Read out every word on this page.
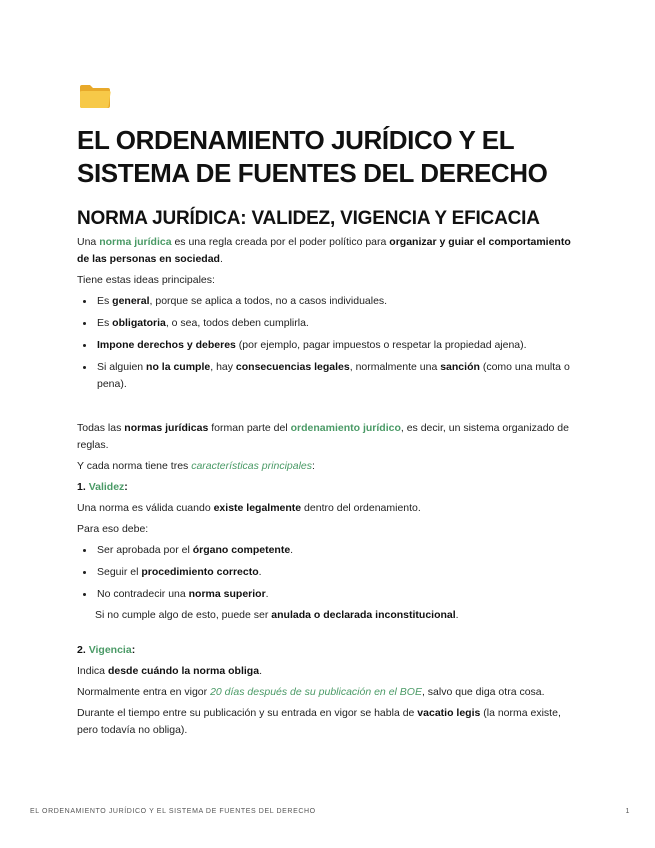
EL ORDENAMIENTO JURÍDICO Y EL SISTEMA DE FUENTES DEL DERECHO
NORMA JURÍDICA: VALIDEZ, VIGENCIA Y EFICACIA

Una norma jurídica es una regla creada por el poder político para organizar y guiar el comportamiento de las personas en sociedad.

Tiene estas ideas principales:

• Es general, porque se aplica a todos, no a casos individuales.
• Es obligatoria, o sea, todos deben cumplirla.
• Impone derechos y deberes (por ejemplo, pagar impuestos o respetar la propiedad ajena).
• Si alguien no la cumple, hay consecuencias legales, normalmente una sanción (como una multa o pena).

Todas las normas jurídicas forman parte del ordenamiento jurídico, es decir, un sistema organizado de reglas.

Y cada norma tiene tres características principales:

1. Validez:

Una norma es válida cuando existe legalmente dentro del ordenamiento.

Para eso debe:

• Ser aprobada por el órgano competente.
• Seguir el procedimiento correcto.
• No contradecir una norma superior.

Si no cumple algo de esto, puede ser anulada o declarada inconstitucional.

2. Vigencia:

Indica desde cuándo la norma obliga.

Normalmente entra en vigor 20 días después de su publicación en el BOE, salvo que diga otra cosa.

Durante el tiempo entre su publicación y su entrada en vigor se habla de vacatio legis (la norma existe, pero todavía no obliga).

EL ORDENAMIENTO JURÍDICO Y EL SISTEMA DE FUENTES DEL DERECHO	1
